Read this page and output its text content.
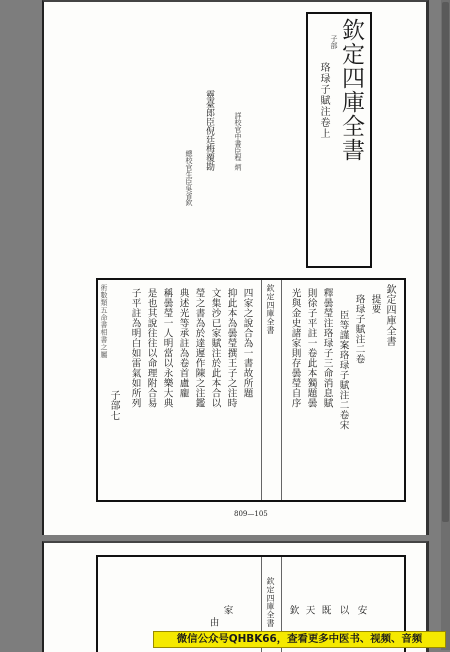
欽定四庫全書
子部
珞琭子賦注卷上
詳校官中書臣程 炳
靈臺郎臣倪廷梅覆勘
總校官生臣吳省欽
欽定四庫全書
提要
珞琭子賦注二卷
臣等謹案珞琭子賦注二卷宋
釋曇瑩注珞琭子三命消息賦
則徐子平註一卷此本獨題曇
光與金史諸家則存曇瑩自序
欽定四庫全書
四家之說合為一書故所題
抑此本為曇瑩撰王子之注時
文集沙已家賦注於此本合以
瑩之書為於達遲作陳之注鑑
典述光等承註為卷首盧龐
稱曇瑩一人明當以永樂大典
是也其說往往以命理附合易
子平註為明白如雷氣如所列
子部七
術數類五命書相書之屬
809—105
欽定四庫全書
由
家	欽 天 既 以 安
微信公众号QHBK66，查看更多中医书、视频、音频
